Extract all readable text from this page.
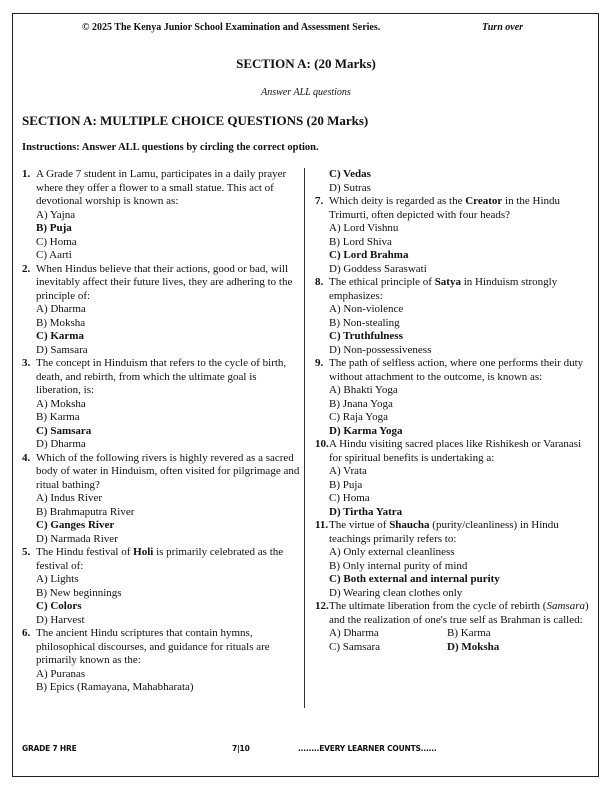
© 2025 The Kenya Junior School Examination and Assessment Series.	Turn over
SECTION A: (20 Marks)
Answer ALL questions
SECTION A: MULTIPLE CHOICE QUESTIONS (20 Marks)
Instructions: Answer ALL questions by circling the correct option.
1. A Grade 7 student in Lamu, participates in a daily prayer where they offer a flower to a small statue. This act of devotional worship is known as:
A) Yajna
B) Puja
C) Homa
C) Aarti
2. When Hindus believe that their actions, good or bad, will inevitably affect their future lives, they are adhering to the principle of:
A) Dharma
B) Moksha
C) Karma
D) Samsara
3. The concept in Hinduism that refers to the cycle of birth, death, and rebirth, from which the ultimate goal is liberation, is:
A) Moksha
B) Karma
C) Samsara
D) Dharma
4. Which of the following rivers is highly revered as a sacred body of water in Hinduism, often visited for pilgrimage and ritual bathing?
A) Indus River
B) Brahmaputra River
C) Ganges River
D) Narmada River
5. The Hindu festival of Holi is primarily celebrated as the festival of:
A) Lights
B) New beginnings
C) Colors
D) Harvest
6. The ancient Hindu scriptures that contain hymns, philosophical discourses, and guidance for rituals are primarily known as the:
A) Puranas
B) Epics (Ramayana, Mahabharata)
C) Vedas
D) Sutras
7. Which deity is regarded as the Creator in the Hindu Trimurti, often depicted with four heads?
A) Lord Vishnu
B) Lord Shiva
C) Lord Brahma
D) Goddess Saraswati
8. The ethical principle of Satya in Hinduism strongly emphasizes:
A) Non-violence
B) Non-stealing
C) Truthfulness
D) Non-possessiveness
9. The path of selfless action, where one performs their duty without attachment to the outcome, is known as:
A) Bhakti Yoga
B) Jnana Yoga
C) Raja Yoga
D) Karma Yoga
10. A Hindu visiting sacred places like Rishikesh or Varanasi for spiritual benefits is undertaking a:
A) Vrata
B) Puja
C) Homa
D) Tirtha Yatra
11. The virtue of Shaucha (purity/cleanliness) in Hindu teachings primarily refers to:
A) Only external cleanliness
B) Only internal purity of mind
C) Both external and internal purity
D) Wearing clean clothes only
12. The ultimate liberation from the cycle of rebirth (Samsara) and the realization of one's true self as Brahman is called:
A) Dharma	B) Karma
C) Samsara	D) Moksha
GRADE 7 HRE	7|10	........EVERY LEARNER COUNTS......
